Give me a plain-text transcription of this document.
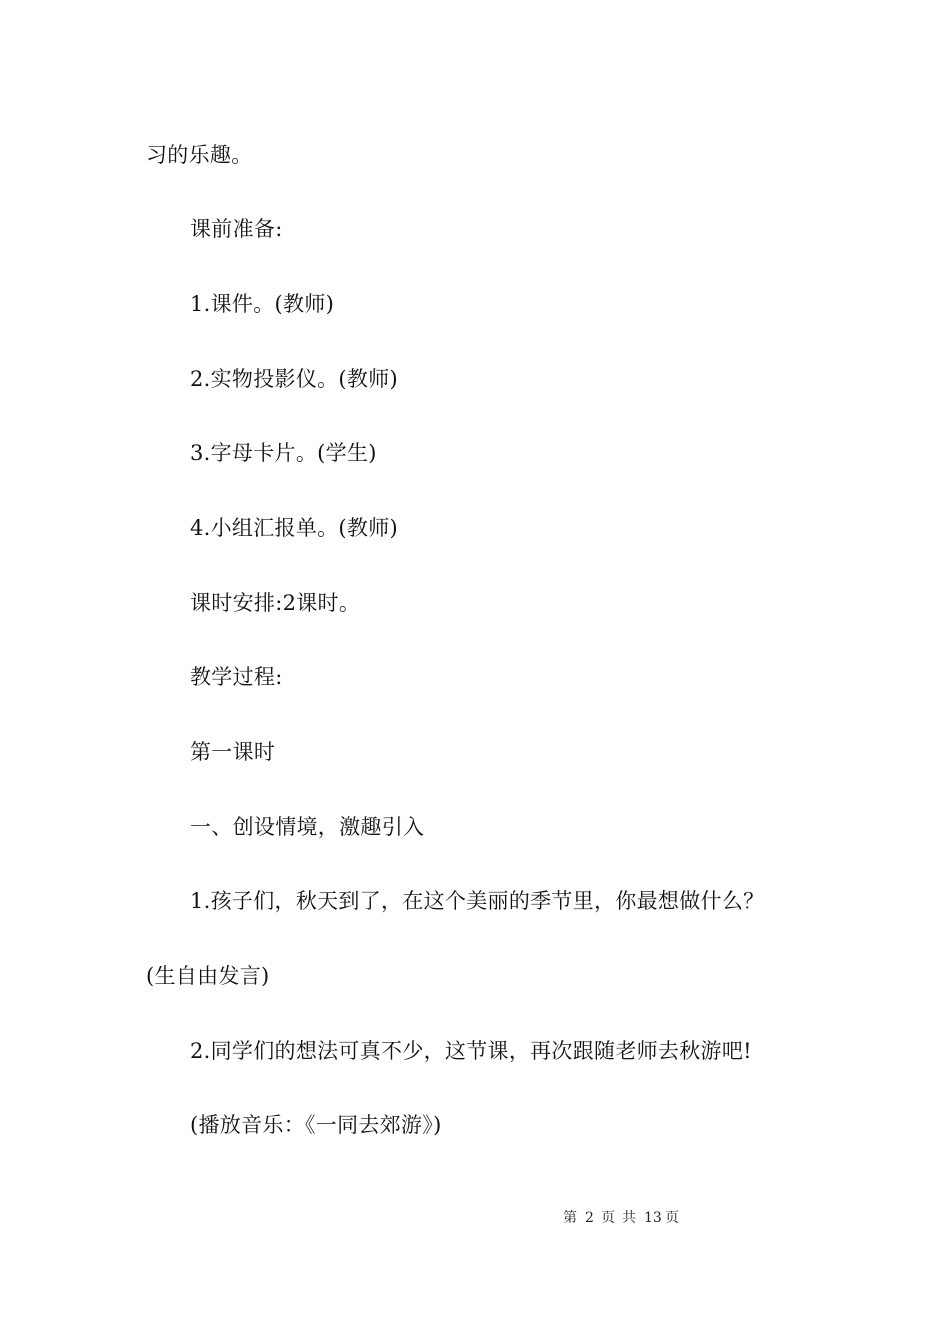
习的乐趣。
课前准备:
1.课件。(教师)
2.实物投影仪。(教师)
3.字母卡片。(学生)
4.小组汇报单。(教师)
课时安排:2课时。
教学过程:
第一课时
一、创设情境，激趣引入
1.孩子们，秋天到了，在这个美丽的季节里，你最想做什么？
(生自由发言)
2.同学们的想法可真不少，这节课，再次跟随老师去秋游吧!
(播放音乐：《一同去郊游》)
第 2 页 共 13 页
